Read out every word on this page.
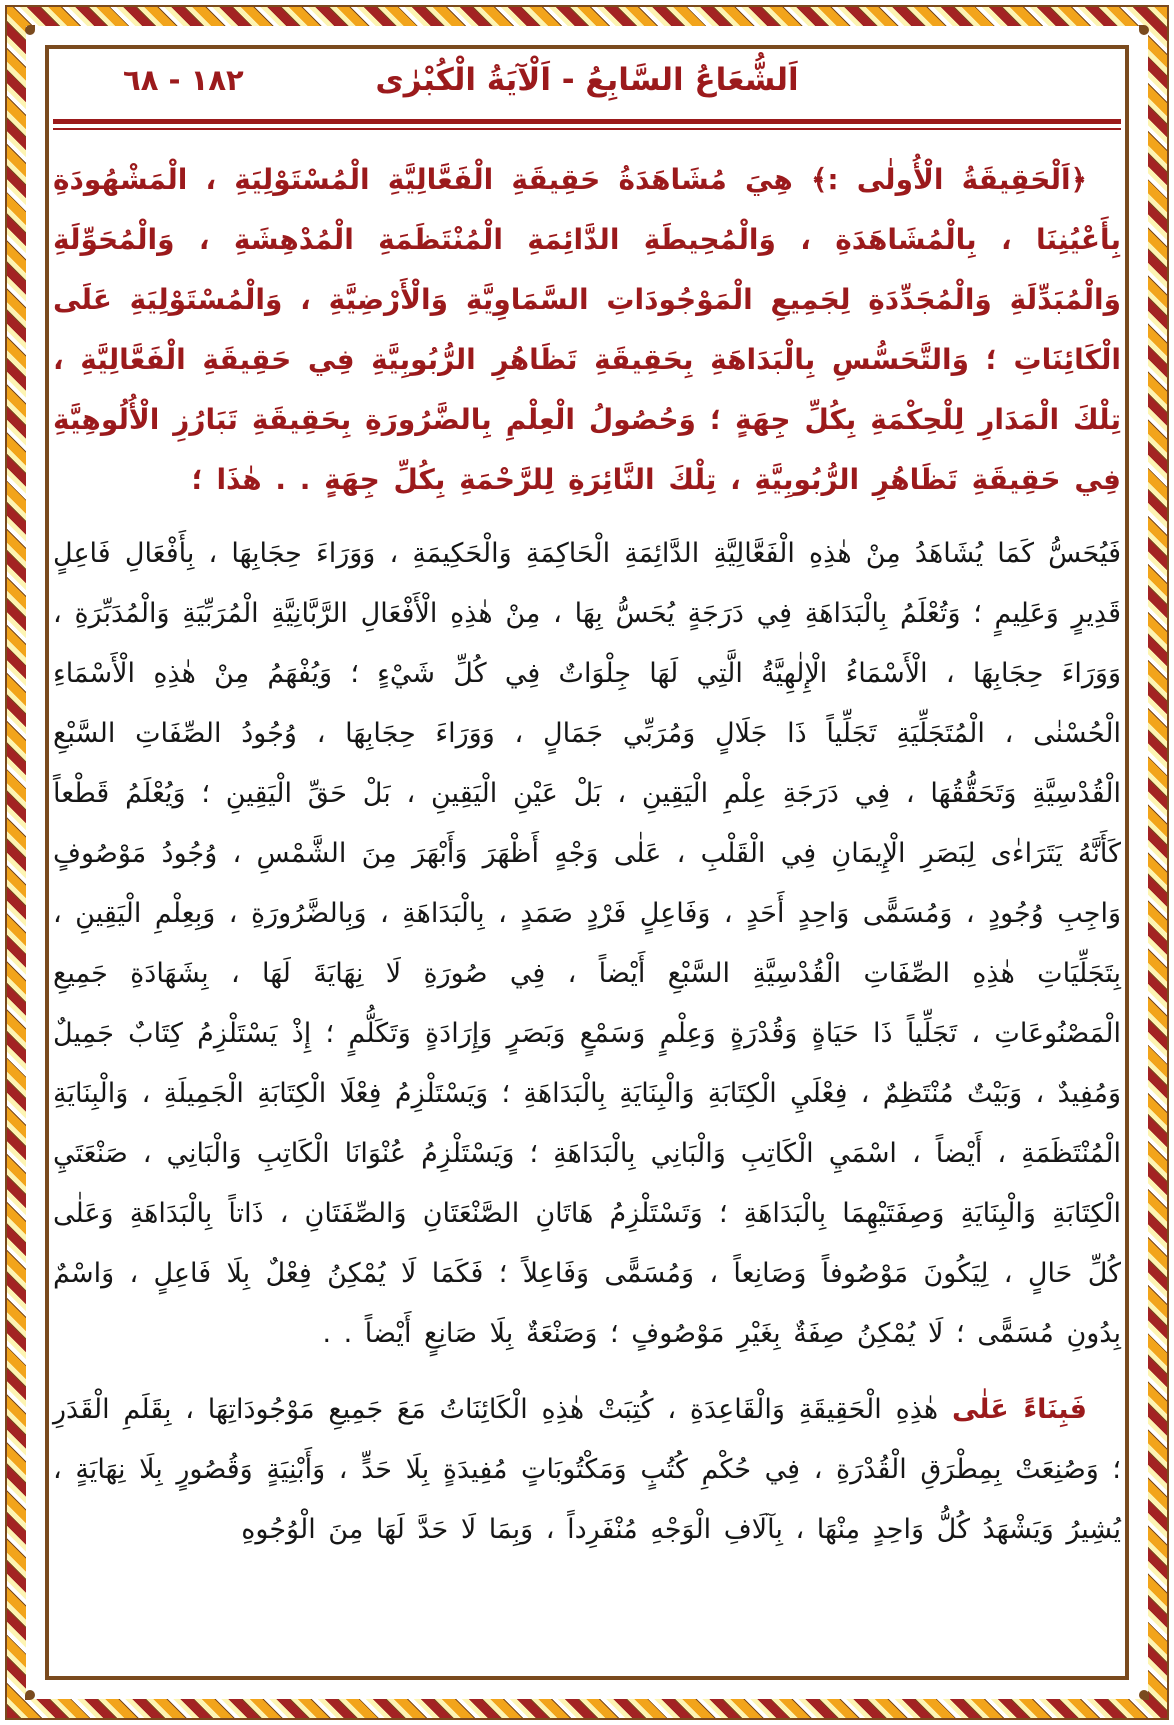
اَلشُّعَاعُ السَّابِعُ - اَلْآيَةُ الْكُبْرٰى
١٨٢ - ٦٨

﴿اَلْحَقِيقَةُ الْأُولٰى :﴾ هِيَ مُشَاهَدَةُ حَقِيقَةِ الْفَعَّالِيَّةِ الْمُسْتَوْلِيَةِ ، الْمَشْهُودَةِ بِأَعْيُنِنَا ، بِالْمُشَاهَدَةِ ، وَالْمُحِيطَةِ الدَّائِمَةِ الْمُنْتَظَمَةِ الْمُدْهِشَةِ ، وَالْمُحَوِّلَةِ وَالْمُبَدِّلَةِ وَالْمُجَدِّدَةِ لِجَمِيعِ الْمَوْجُودَاتِ السَّمَاوِيَّةِ وَالْأَرْضِيَّةِ ، وَالْمُسْتَوْلِيَةِ عَلَى الْكَائِنَاتِ ؛ وَالتَّحَسُّسِ بِالْبَدَاهَةِ بِحَقِيقَةِ تَظَاهُرِ الرُّبُوبِيَّةِ فِي حَقِيقَةِ الْفَعَّالِيَّةِ ، تِلْكَ الْمَدَارِ لِلْحِكْمَةِ بِكُلِّ جِهَةٍ ؛ وَحُصُولُ الْعِلْمِ بِالضَّرُورَةِ بِحَقِيقَةِ تَبَارُزِ الْأُلُوهِيَّةِ فِي حَقِيقَةِ تَظَاهُرِ الرُّبُوبِيَّةِ ، تِلْكَ النَّائِرَةِ لِلرَّحْمَةِ بِكُلِّ جِهَةٍ . . هٰذَا ؛

فَيُحَسُّ كَمَا يُشَاهَدُ مِنْ هٰذِهِ الْفَعَّالِيَّةِ الدَّائِمَةِ الْحَاكِمَةِ وَالْحَكِيمَةِ ، وَوَرَاءَ حِجَابِهَا ، بِأَفْعَالِ فَاعِلٍ قَدِيرٍ وَعَلِيمٍ ؛ وَتُعْلَمُ بِالْبَدَاهَةِ فِي دَرَجَةٍ يُحَسُّ بِهَا ، مِنْ هٰذِهِ الْأَفْعَالِ الرَّبَّانِيَّةِ الْمُرَبِّيَةِ وَالْمُدَبِّرَةِ ، وَوَرَاءَ حِجَابِهَا ، الْأَسْمَاءُ الْإِلٰهِيَّةُ الَّتِي لَهَا جِلْوَاتٌ فِي كُلِّ شَيْءٍ ؛ وَيُفْهَمُ مِنْ هٰذِهِ الْأَسْمَاءِ الْحُسْنٰى ، الْمُتَجَلِّيَةِ تَجَلِّياً ذَا جَلَالٍ وَمُرَبِّي جَمَالٍ ، وَوَرَاءَ حِجَابِهَا ، وُجُودُ الصِّفَاتِ السَّبْعِ الْقُدْسِيَّةِ وَتَحَقُّقُهَا ، فِي دَرَجَةِ عِلْمِ الْيَقِينِ ، بَلْ عَيْنِ الْيَقِينِ ، بَلْ حَقِّ الْيَقِينِ ؛ وَيُعْلَمُ قَطْعاً كَأَنَّهُ يَتَرَاءٰى لِبَصَرِ الْإِيمَانِ فِي الْقَلْبِ ، عَلٰى وَجْهٍ أَظْهَرَ وَأَبْهَرَ مِنَ الشَّمْسِ ، وُجُودُ مَوْصُوفٍ وَاجِبِ وُجُودٍ ، وَمُسَمًّى وَاحِدٍ أَحَدٍ ، وَفَاعِلٍ فَرْدٍ صَمَدٍ ، بِالْبَدَاهَةِ ، وَبِالضَّرُورَةِ ، وَبِعِلْمِ الْيَقِينِ ، بِتَجَلِّيَاتِ هٰذِهِ الصِّفَاتِ الْقُدْسِيَّةِ السَّبْعِ أَيْضاً ، فِي صُورَةِ لَا نِهَايَةَ لَهَا ، بِشَهَادَةِ جَمِيعِ الْمَصْنُوعَاتِ ، تَجَلِّياً ذَا حَيَاةٍ وَقُدْرَةٍ وَعِلْمٍ وَسَمْعٍ وَبَصَرٍ وَإِرَادَةٍ وَتَكَلُّمٍ ؛ إِذْ يَسْتَلْزِمُ كِتَابٌ جَمِيلٌ وَمُفِيدٌ ، وَبَيْتٌ مُنْتَظِمٌ ، فِعْلَيِ الْكِتَابَةِ وَالْبِنَايَةِ بِالْبَدَاهَةِ ؛ وَيَسْتَلْزِمُ فِعْلَا الْكِتَابَةِ الْجَمِيلَةِ ، وَالْبِنَايَةِ الْمُنْتَظَمَةِ ، أَيْضاً ، اسْمَيِ الْكَاتِبِ وَالْبَانِي بِالْبَدَاهَةِ ؛ وَيَسْتَلْزِمُ عُنْوَانَا الْكَاتِبِ وَالْبَانِي ، صَنْعَتَيِ الْكِتَابَةِ وَالْبِنَايَةِ وَصِفَتَيْهِمَا بِالْبَدَاهَةِ ؛ وَتَسْتَلْزِمُ هَاتَانِ الصَّنْعَتَانِ وَالصِّفَتَانِ ، ذَاتاً بِالْبَدَاهَةِ وَعَلٰى كُلِّ حَالٍ ، لِيَكُونَ مَوْصُوفاً وَصَانِعاً ، وَمُسَمًّى وَفَاعِلاً ؛ فَكَمَا لَا يُمْكِنُ فِعْلٌ بِلَا فَاعِلٍ ، وَاسْمٌ بِدُونِ مُسَمًّى ؛ لَا يُمْكِنُ صِفَةٌ بِغَيْرِ مَوْصُوفٍ ؛ وَصَنْعَةٌ بِلَا صَانِعٍ أَيْضاً . .

فَبِنَاءً عَلٰى هٰذِهِ الْحَقِيقَةِ وَالْقَاعِدَةِ ، كُتِبَتْ هٰذِهِ الْكَائِنَاتُ مَعَ جَمِيعِ مَوْجُودَاتِهَا ، بِقَلَمِ الْقَدَرِ ؛ وَصُنِعَتْ بِمِطْرَقِ الْقُدْرَةِ ، فِي حُكْمِ كُتُبٍ وَمَكْتُوبَاتٍ مُفِيدَةٍ بِلَا حَدٍّ ، وَأَبْنِيَةٍ وَقُصُورٍ بِلَا نِهَايَةٍ ، يُشِيرُ وَيَشْهَدُ كُلُّ وَاحِدٍ مِنْهَا ، بِآلَافِ الْوَجْهِ مُنْفَرِداً ، وَبِمَا لَا حَدَّ لَهَا مِنَ الْوُجُوهِ
